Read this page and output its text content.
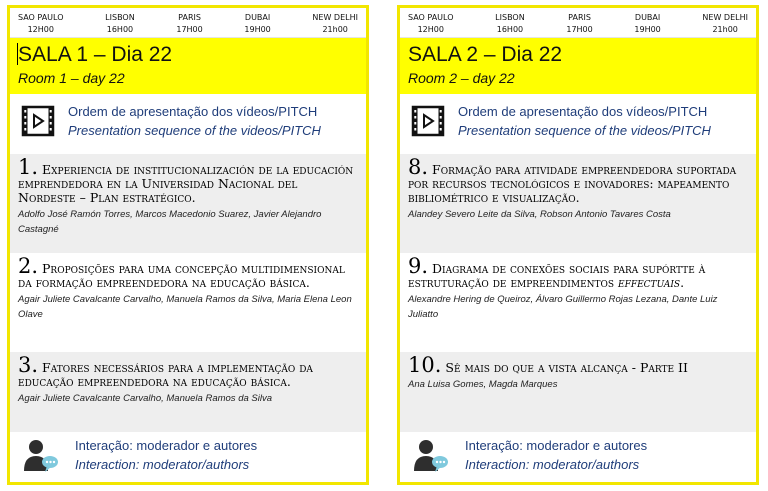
SAO PAULO
12H00
LISBON
16H00
PARIS
17H00
DUBAI
19H00
NEW DELHI
21h00
SALA 1 – Dia 22
Room 1 – day 22
Ordem de apresentação dos vídeos/PITCH
Presentation sequence of the videos/PITCH
1. Experiencia de institucionalización de la educación emprendedora en la Universidad Nacional del Nordeste – Plan estratégico.
Adolfo José Ramón Torres, Marcos Macedonio Suarez, Javier Alejandro Castagné
2. Proposições para uma concepção multidimensional da formação empreendedora na educação básica.
Agair Juliete Cavalcante Carvalho, Manuela Ramos da Silva, Maria Elena Leon Olave
3. Fatores necessários para a implementação da educação empreendedora na educação básica.
Agair Juliete Cavalcante Carvalho, Manuela Ramos da Silva
Interação: moderador e autores
Interaction: moderator/authors
SAO PAULO
12H00
LISBON
16H00
PARIS
17H00
DUBAI
19H00
NEW DELHI
21h00
SALA 2 – Dia 22
Room 2 – day 22
Ordem de apresentação dos vídeos/PITCH
Presentation sequence of the videos/PITCH
8. Formação para atividade empreendedora suportada por recursos tecnológicos e inovadores: mapeamento bibliométrico e visualização.
Alandey Severo Leite da Silva, Robson Antonio Tavares Costa
9. Diagrama de conexões sociais para supórtte à estruturação de empreendimentos effectuais.
Alexandre Hering de Queiroz, Álvaro Guillermo Rojas Lezana, Dante Luiz Juliatto
10. Sê mais do que a vista alcança - Parte II
Ana Luisa Gomes, Magda Marques
Interação: moderador e autores
Interaction: moderator/authors
